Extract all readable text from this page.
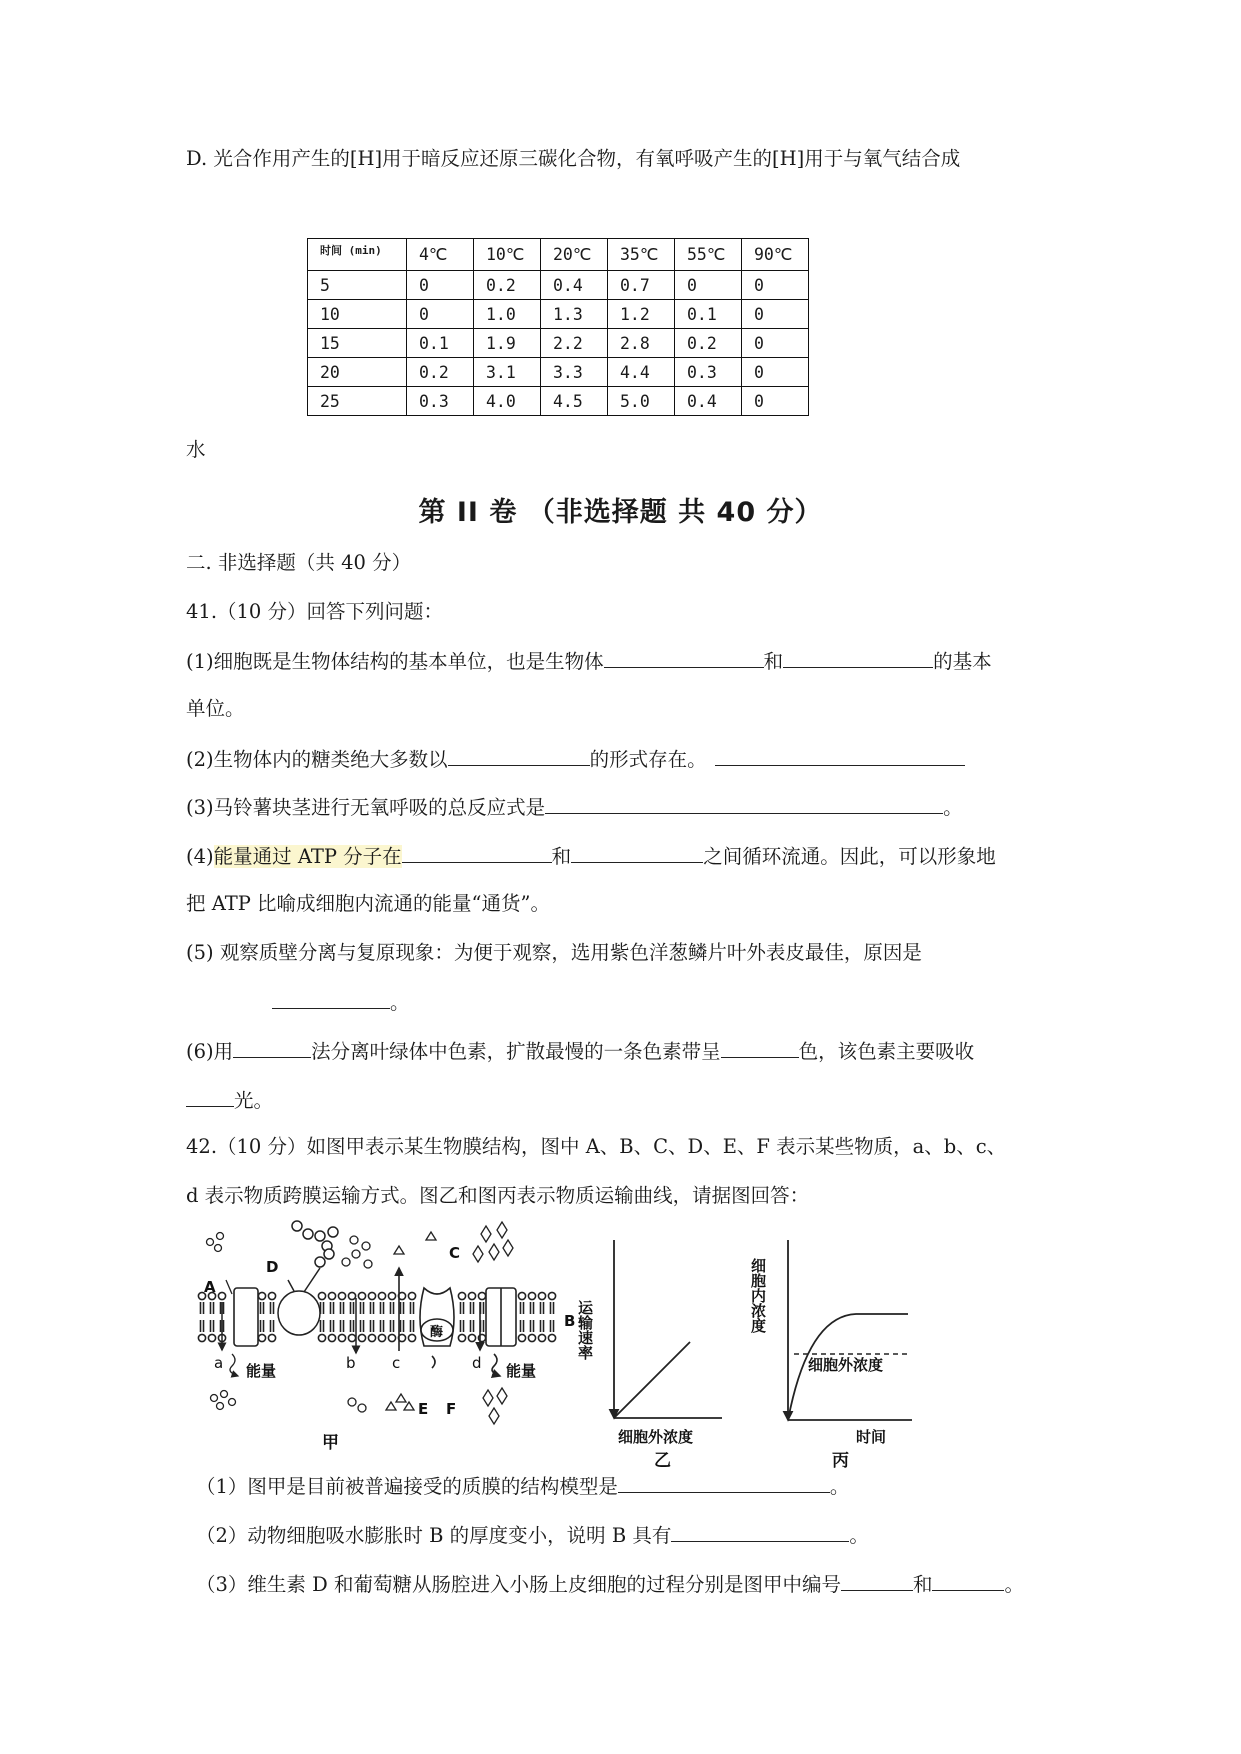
D. 光合作用产生的[H]用于暗反应还原三碳化合物，有氧呼吸产生的[H]用于与氧气结合成
时间 (min)	4℃	10℃	20℃	35℃	55℃	90℃
5	0	0.2	0.4	0.7	0	0
10	0	1.0	1.3	1.2	0.1	0
15	0.1	1.9	2.2	2.8	0.2	0
20	0.2	3.1	3.3	4.4	0.3	0
25	0.3	4.0	4.5	5.0	0.4	0
水
第 II 卷 （非选择题 共 40 分）
二. 非选择题（共 40 分）
41.（10 分）回答下列问题：
(1)细胞既是生物体结构的基本单位，也是生物体	和	的基本
单位。
(2)生物体内的糖类绝大多数以	的形式存在。
(3)马铃薯块茎进行无氧呼吸的总反应式是	。
(4)能量通过 ATP 分子在	和	之间循环流通。因此，可以形象地
把 ATP 比喻成细胞内流通的能量“通货”。
(5) 观察质壁分离与复原现象：为便于观察，选用紫色洋葱鳞片叶外表皮最佳，原因是
。
(6)用	法分离叶绿体中色素，扩散最慢的一条色素带呈	色，该色素主要吸收
光。
42.（10 分）如图甲表示某生物膜结构，图中 A、B、C、D、E、F 表示某些物质，a、b、c、
d 表示物质跨膜运输方式。图乙和图丙表示物质运输曲线，请据图回答：
A
D
C
B
E F
a	b c	d
能量	能量
酶
甲
运输速率
细胞外浓度
乙
细胞内浓度
细胞外浓度
时间
丙
（1）图甲是目前被普遍接受的质膜的结构模型是	。
（2）动物细胞吸水膨胀时 B 的厚度变小，说明 B 具有	。
（3）维生素 D 和葡萄糖从肠腔进入小肠上皮细胞的过程分别是图甲中编号	和	。
